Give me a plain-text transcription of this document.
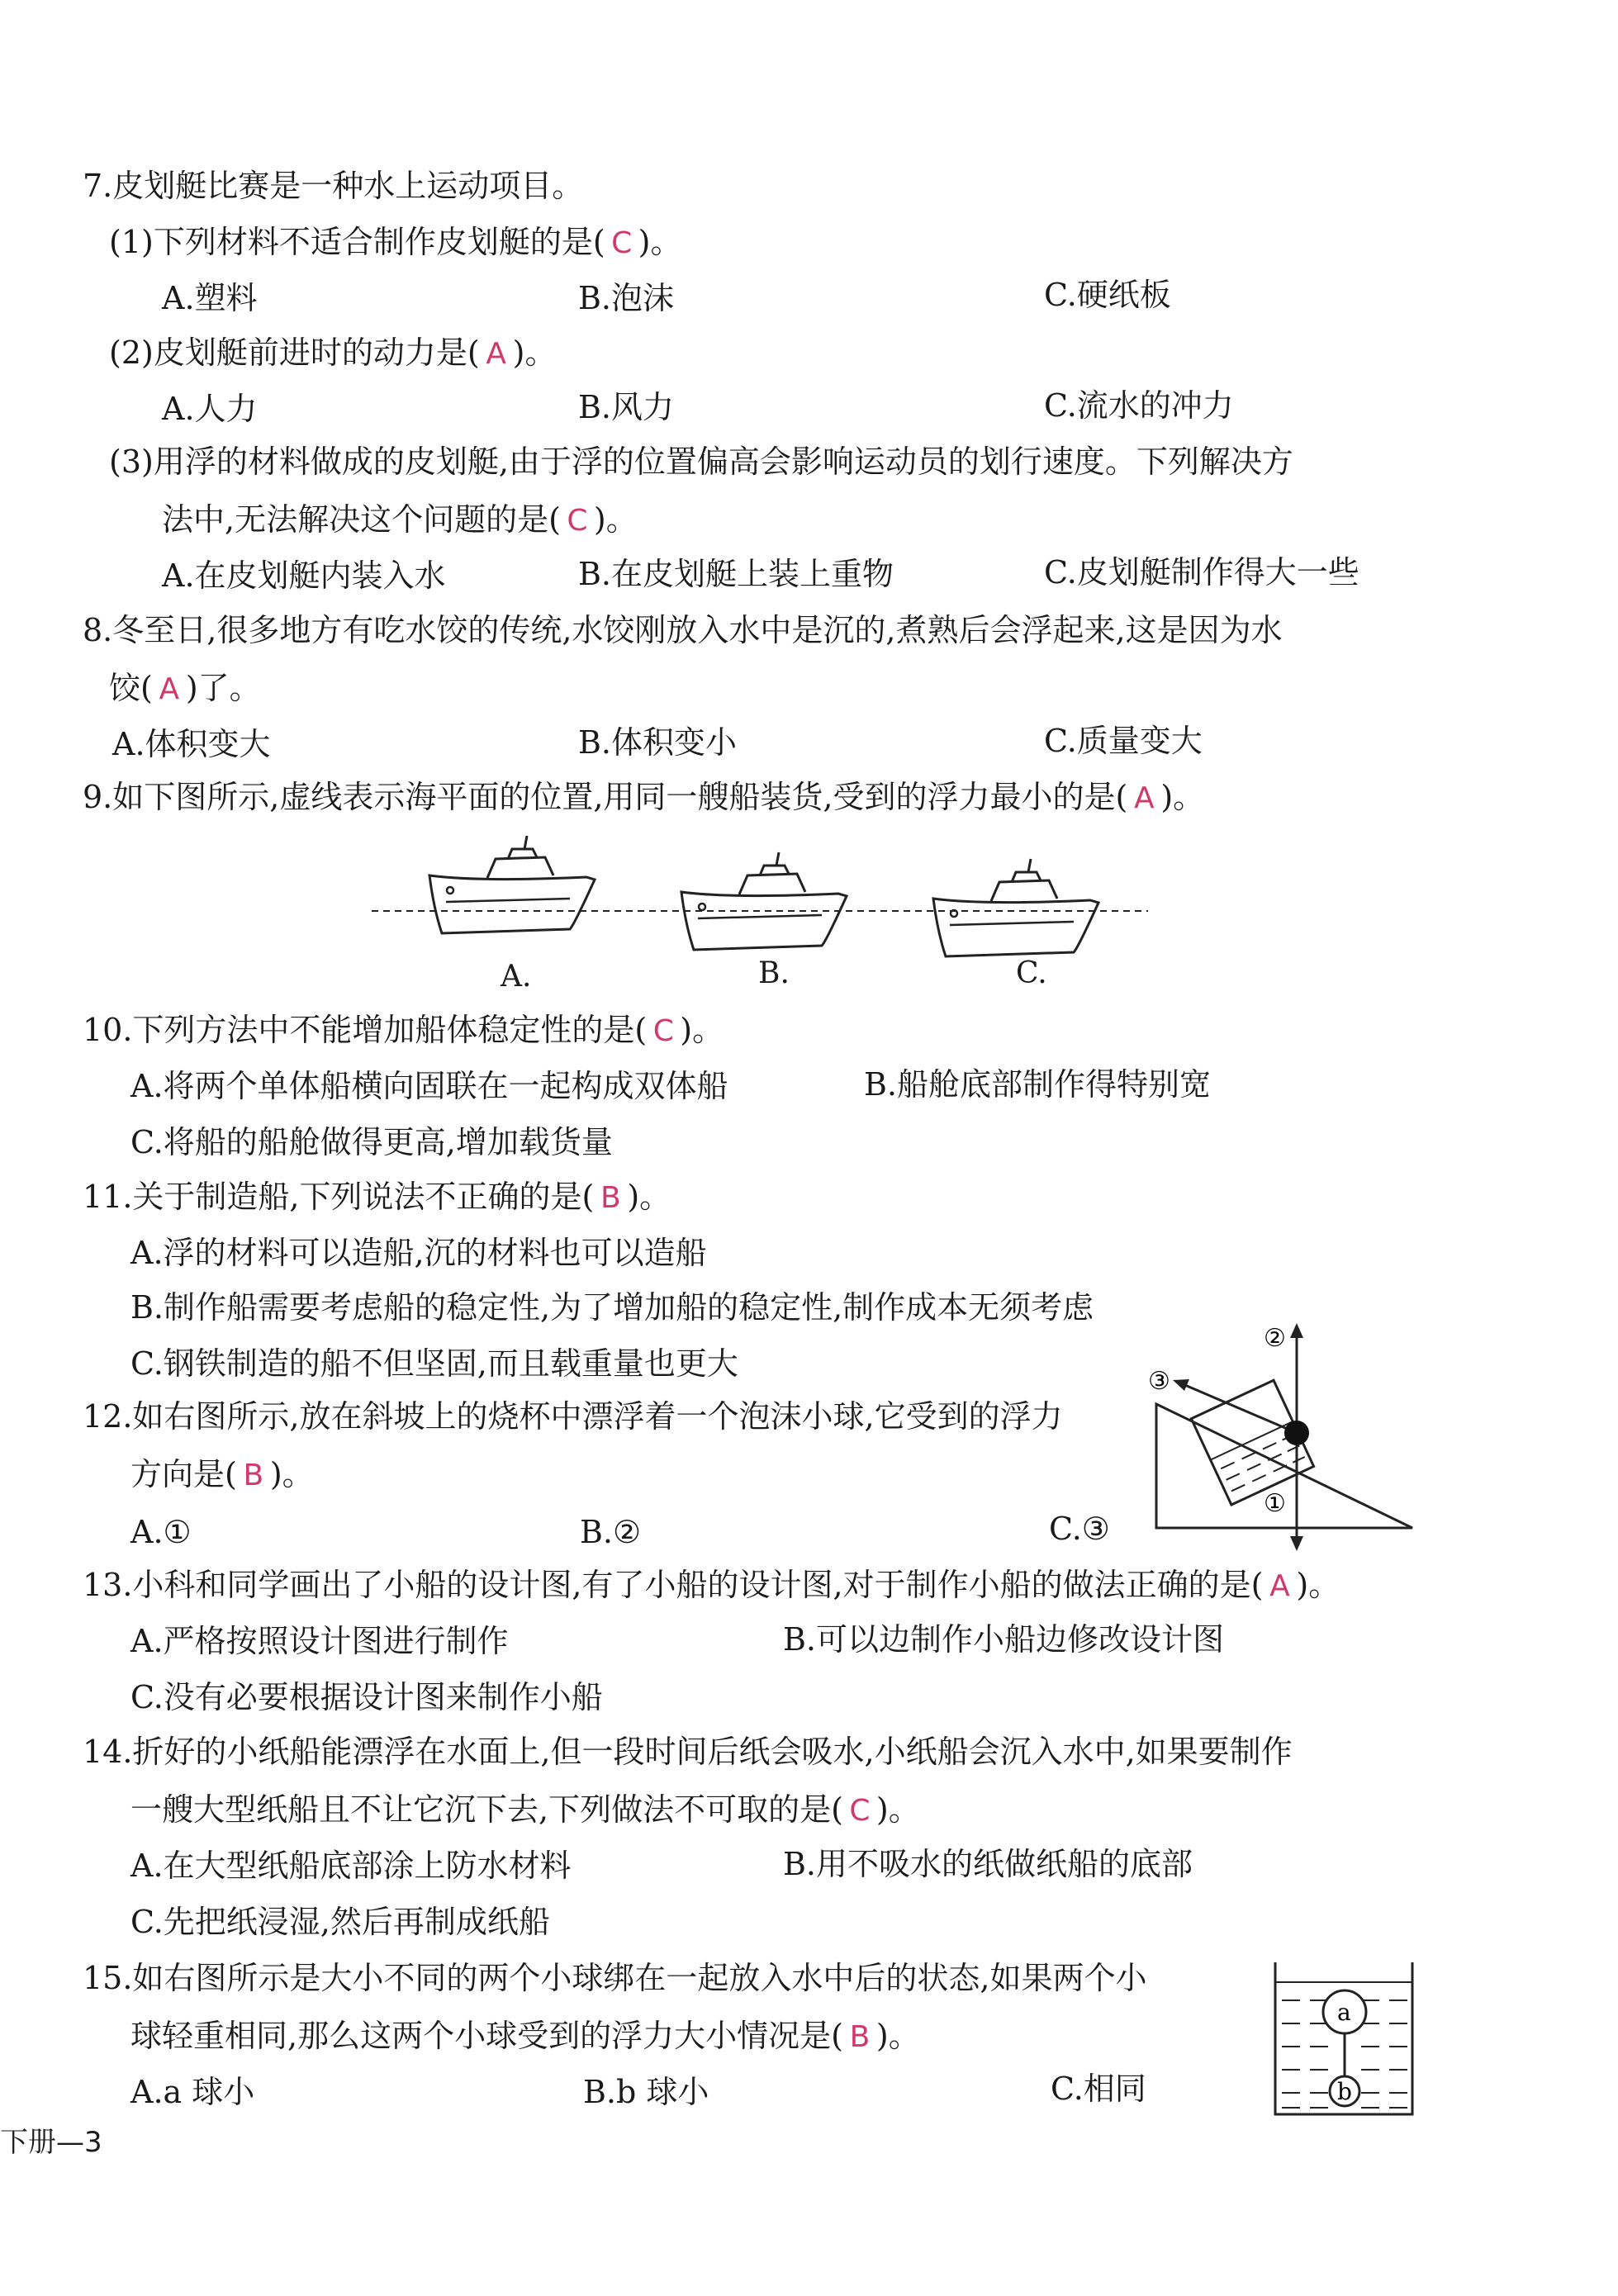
7.皮划艇比赛是一种水上运动项目。
(1)下列材料不适合制作皮划艇的是( C )。
A.塑料	B.泡沫	C.硬纸板
(2)皮划艇前进时的动力是( A )。
A.人力	B.风力	C.流水的冲力
(3)用浮的材料做成的皮划艇,由于浮的位置偏高会影响运动员的划行速度。下列解决方
法中,无法解决这个问题的是( C )。
A.在皮划艇内装入水	B.在皮划艇上装上重物	C.皮划艇制作得大一些
8.冬至日,很多地方有吃水饺的传统,水饺刚放入水中是沉的,煮熟后会浮起来,这是因为水
饺( A )了。
A.体积变大	B.体积变小	C.质量变大
9.如下图所示,虚线表示海平面的位置,用同一艘船装货,受到的浮力最小的是( A )。
A.	B.	C.
10.下列方法中不能增加船体稳定性的是( C )。
A.将两个单体船横向固联在一起构成双体船	B.船舱底部制作得特别宽
C.将船的船舱做得更高,增加载货量
11.关于制造船,下列说法不正确的是( B )。
A.浮的材料可以造船,沉的材料也可以造船
B.制作船需要考虑船的稳定性,为了增加船的稳定性,制作成本无须考虑
C.钢铁制造的船不但坚固,而且载重量也更大
12.如右图所示,放在斜坡上的烧杯中漂浮着一个泡沫小球,它受到的浮力
方向是( B )。
A.①	B.②	C.③
②
③
①
13.小科和同学画出了小船的设计图,有了小船的设计图,对于制作小船的做法正确的是( A )。
A.严格按照设计图进行制作	B.可以边制作小船边修改设计图
C.没有必要根据设计图来制作小船
14.折好的小纸船能漂浮在水面上,但一段时间后纸会吸水,小纸船会沉入水中,如果要制作
一艘大型纸船且不让它沉下去,下列做法不可取的是( C )。
A.在大型纸船底部涂上防水材料	B.用不吸水的纸做纸船的底部
C.先把纸浸湿,然后再制成纸船
15.如右图所示是大小不同的两个小球绑在一起放入水中后的状态,如果两个小
球轻重相同,那么这两个小球受到的浮力大小情况是( B )。
A.a 球小	B.b 球小	C.相同
a
b
下册—3
